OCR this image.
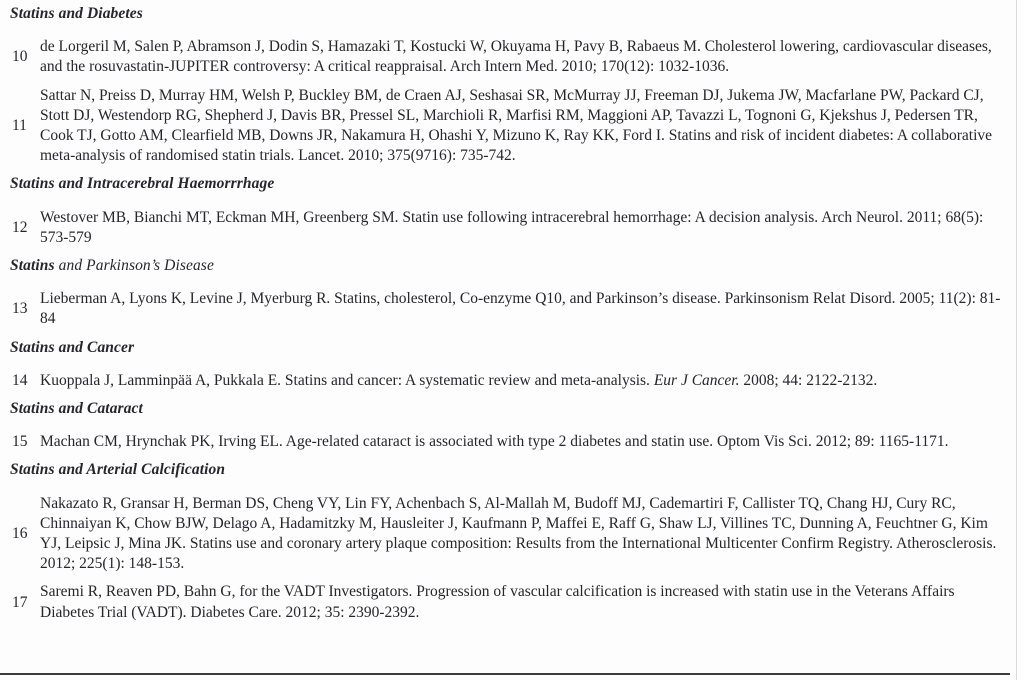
Statins and Diabetes
10
de Lorgeril M, Salen P, Abramson J, Dodin S, Hamazaki T, Kostucki W, Okuyama H, Pavy B, Rabaeus M. Cholesterol lowering, cardiovascular diseases, and the rosuvastatin-JUPITER controversy: A critical reappraisal. Arch Intern Med. 2010; 170(12): 1032-1036.
11
Sattar N, Preiss D, Murray HM, Welsh P, Buckley BM, de Craen AJ, Seshasai SR, McMurray JJ, Freeman DJ, Jukema JW, Macfarlane PW, Packard CJ, Stott DJ, Westendorp RG, Shepherd J, Davis BR, Pressel SL, Marchioli R, Marfisi RM, Maggioni AP, Tavazzi L, Tognoni G, Kjekshus J, Pedersen TR, Cook TJ, Gotto AM, Clearfield MB, Downs JR, Nakamura H, Ohashi Y, Mizuno K, Ray KK, Ford I. Statins and risk of incident diabetes: A collaborative meta-analysis of randomised statin trials. Lancet. 2010; 375(9716): 735-742.
Statins and Intracerebral Haemorrrhage
12
Westover MB, Bianchi MT, Eckman MH, Greenberg SM. Statin use following intracerebral hemorrhage: A decision analysis. Arch Neurol. 2011; 68(5): 573-579
Statins and Parkinson’s Disease
13
Lieberman A, Lyons K, Levine J, Myerburg R. Statins, cholesterol, Co-enzyme Q10, and Parkinson’s disease. Parkinsonism Relat Disord. 2005; 11(2): 81-84
Statins and Cancer
14 Kuoppala J, Lamminpää A, Pukkala E. Statins and cancer: A systematic review and meta-analysis. Eur J Cancer. 2008; 44: 2122-2132.
Statins and Cataract
15 Machan CM, Hrynchak PK, Irving EL. Age-related cataract is associated with type 2 diabetes and statin use. Optom Vis Sci. 2012; 89: 1165-1171.
Statins and Arterial Calcification
16
Nakazato R, Gransar H, Berman DS, Cheng VY, Lin FY, Achenbach S, Al-Mallah M, Budoff MJ, Cademartiri F, Callister TQ, Chang HJ, Cury RC, Chinnaiyan K, Chow BJW, Delago A, Hadamitzky M, Hausleiter J, Kaufmann P, Maffei E, Raff G, Shaw LJ, Villines TC, Dunning A, Feuchtner G, Kim YJ, Leipsic J, Mina JK. Statins use and coronary artery plaque composition: Results from the International Multicenter Confirm Registry. Atherosclerosis. 2012; 225(1): 148-153.
17
Saremi R, Reaven PD, Bahn G, for the VADT Investigators. Progression of vascular calcification is increased with statin use in the Veterans Affairs Diabetes Trial (VADT). Diabetes Care. 2012; 35: 2390-2392.
